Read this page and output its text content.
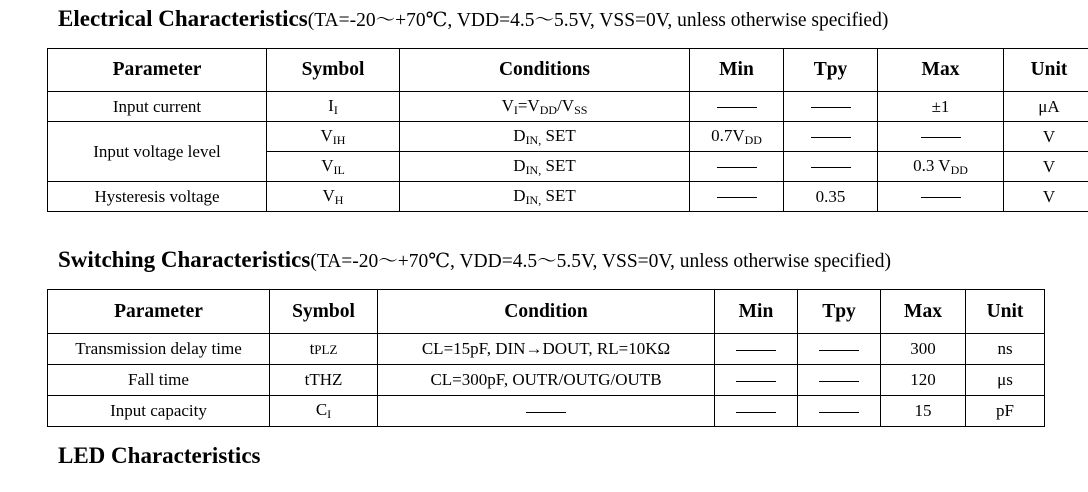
Electrical Characteristics(TA=-20～+70℃, VDD=4.5～5.5V, VSS=0V, unless otherwise specified)
Parameter	Symbol	Conditions	Min	Tpy	Max	Unit
Input current	$I_I$	$V_I=V_{DD}/V_{SS}$			±1	μA
Input voltage level	$V_{IH}$	$D_{IN,}$ SET	$0.7V_{DD}$			V
	$V_{IL}$	$D_{IN,}$ SET			0.3 $V_{DD}$	V
Hysteresis voltage	$V_H$	$D_{IN,}$ SET		0.35		V
Switching Characteristics(TA=-20～+70℃, VDD=4.5～5.5V, VSS=0V, unless otherwise specified)
Parameter	Symbol	Condition	Min	Tpy	Max	Unit
Transmission delay time	tPLZ	CL=15pF, DIN→DOUT, RL=10KΩ			300	ns
Fall time	tTHZ	CL=300pF, OUTR/OUTG/OUTB			120	μs
Input capacity	$C_I$				15	pF
LED Characteristics
